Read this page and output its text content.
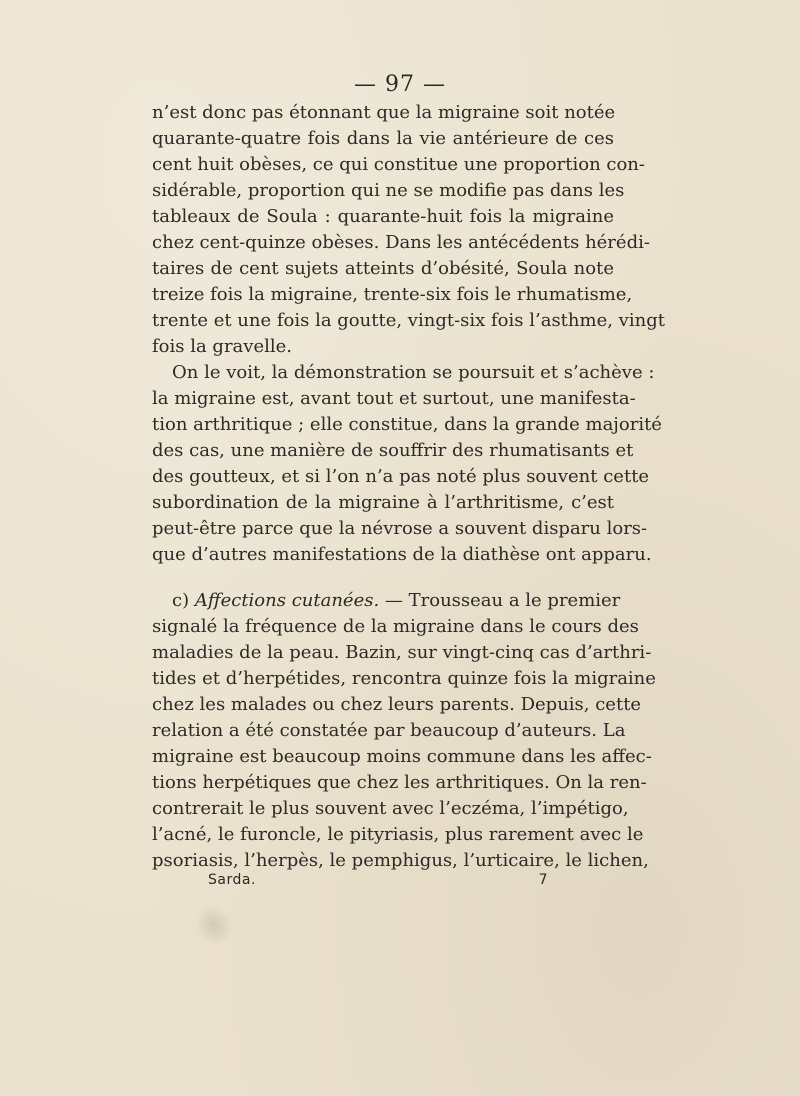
— 97 —
n’est donc pas étonnant que la migraine soit notée
quarante-quatre fois dans la vie antérieure de ces
cent huit obèses, ce qui constitue une proportion con-
sidérable, proportion qui ne se modifie pas dans les
tableaux de Soula : quarante-huit fois la migraine
chez cent-quinze obèses. Dans les antécédents hérédi-
taires de cent sujets atteints d’obésité, Soula note
treize fois la migraine, trente-six fois le rhumatisme,
trente et une fois la goutte, vingt-six fois l’asthme, vingt
fois la gravelle.
On le voit, la démonstration se poursuit et s’achève :
la migraine est, avant tout et surtout, une manifesta-
tion arthritique ; elle constitue, dans la grande majorité
des cas, une manière de souffrir des rhumatisants et
des goutteux, et si l’on n’a pas noté plus souvent cette
subordination de la migraine à l’arthritisme, c’est
peut-être parce que la névrose a souvent disparu lors-
que d’autres manifestations de la diathèse ont apparu.
c) Affections cutanées. — Trousseau a le premier
signalé la fréquence de la migraine dans le cours des
maladies de la peau. Bazin, sur vingt-cinq cas d’arthri-
tides et d’herpétides, rencontra quinze fois la migraine
chez les malades ou chez leurs parents. Depuis, cette
relation a été constatée par beaucoup d’auteurs. La
migraine est beaucoup moins commune dans les affec-
tions herpétiques que chez les arthritiques. On la ren-
contrerait le plus souvent avec l’eczéma, l’impétigo,
l’acné, le furoncle, le pityriasis, plus rarement avec le
psoriasis, l’herpès, le pemphigus, l’urticaire, le lichen,
Sarda.	7
